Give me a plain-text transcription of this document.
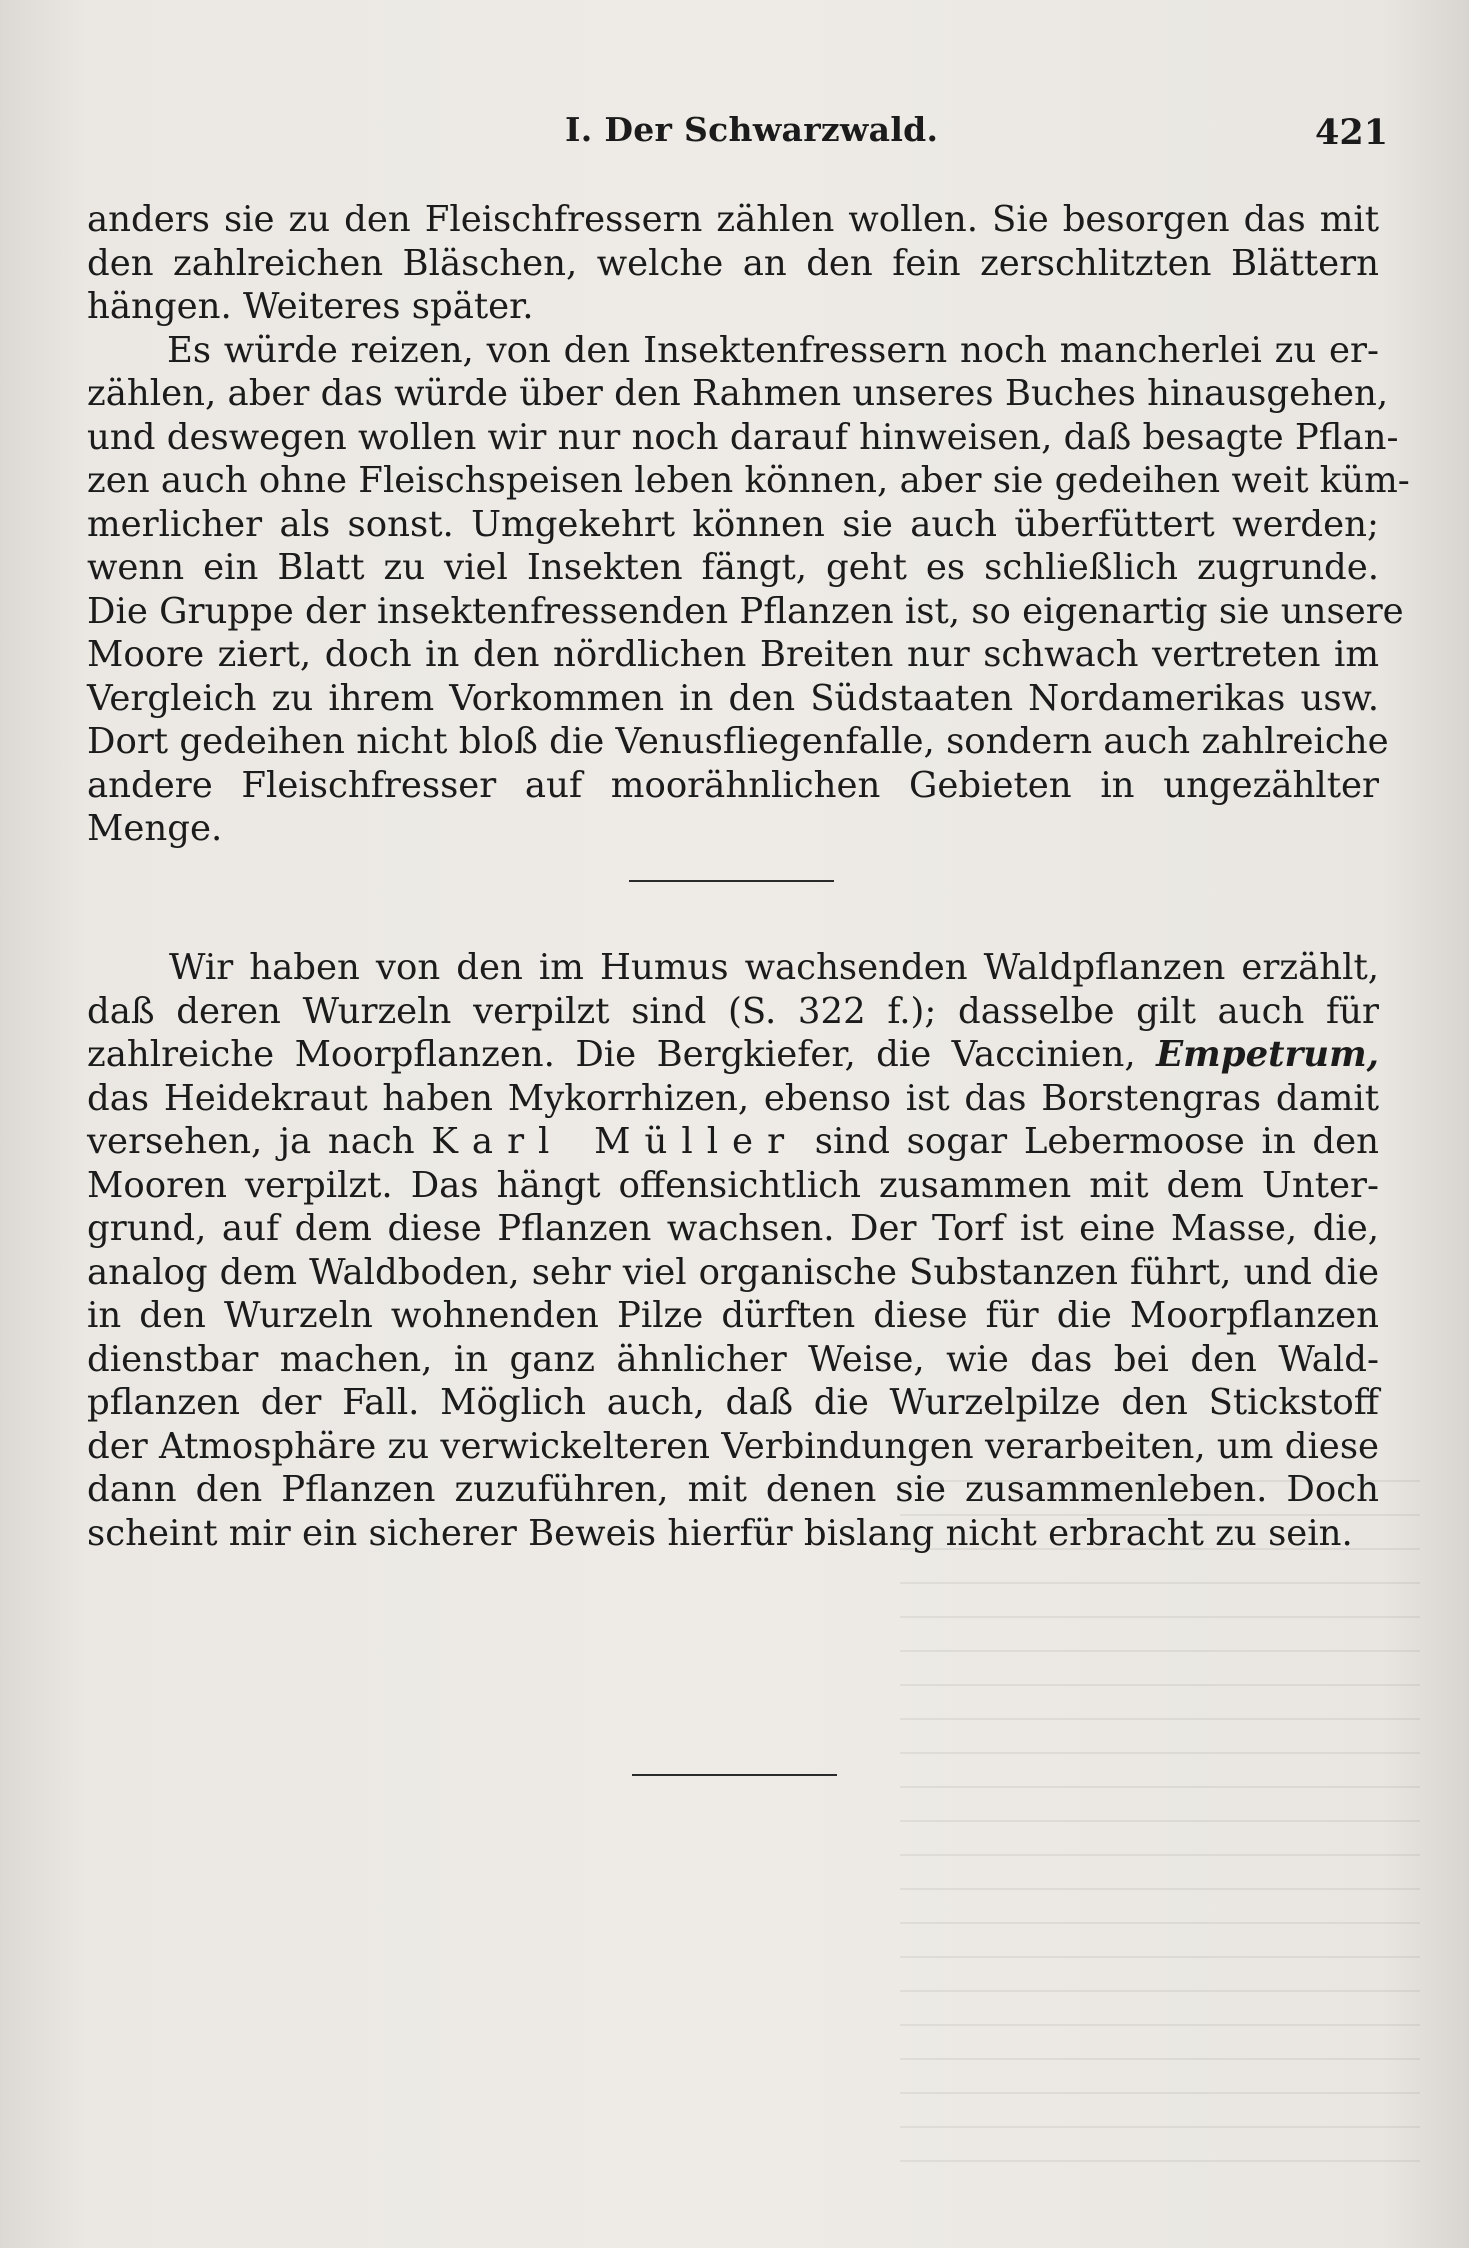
I. Der Schwarzwald.	421
anders sie zu den Fleischfressern zählen wollen. Sie besorgen das mit
den zahlreichen Bläschen, welche an den fein zerschlitzten Blättern
hängen. Weiteres später.
Es würde reizen, von den Insektenfressern noch mancherlei zu er-
zählen, aber das würde über den Rahmen unseres Buches hinausgehen,
und deswegen wollen wir nur noch darauf hinweisen, daß besagte Pflan-
zen auch ohne Fleischspeisen leben können, aber sie gedeihen weit küm-
merlicher als sonst. Umgekehrt können sie auch überfüttert werden;
wenn ein Blatt zu viel Insekten fängt, geht es schließlich zugrunde.
Die Gruppe der insektenfressenden Pflanzen ist, so eigenartig sie unsere
Moore ziert, doch in den nördlichen Breiten nur schwach vertreten im
Vergleich zu ihrem Vorkommen in den Südstaaten Nordamerikas usw.
Dort gedeihen nicht bloß die Venusfliegenfalle, sondern auch zahlreiche
andere Fleischfresser auf moorähnlichen Gebieten in ungezählter
Menge.
Wir haben von den im Humus wachsenden Waldpflanzen erzählt,
daß deren Wurzeln verpilzt sind (S. 322 f.); dasselbe gilt auch für
zahlreiche Moorpflanzen. Die Bergkiefer, die Vaccinien, Empetrum,
das Heidekraut haben Mykorrhizen, ebenso ist das Borstengras damit
versehen, ja nach Karl Müller sind sogar Lebermoose in den
Mooren verpilzt. Das hängt offensichtlich zusammen mit dem Unter-
grund, auf dem diese Pflanzen wachsen. Der Torf ist eine Masse, die,
analog dem Waldboden, sehr viel organische Substanzen führt, und die
in den Wurzeln wohnenden Pilze dürften diese für die Moorpflanzen
dienstbar machen, in ganz ähnlicher Weise, wie das bei den Wald-
pflanzen der Fall. Möglich auch, daß die Wurzelpilze den Stickstoff
der Atmosphäre zu verwickelteren Verbindungen verarbeiten, um diese
dann den Pflanzen zuzuführen, mit denen sie zusammenleben. Doch
scheint mir ein sicherer Beweis hierfür bislang nicht erbracht zu sein.
